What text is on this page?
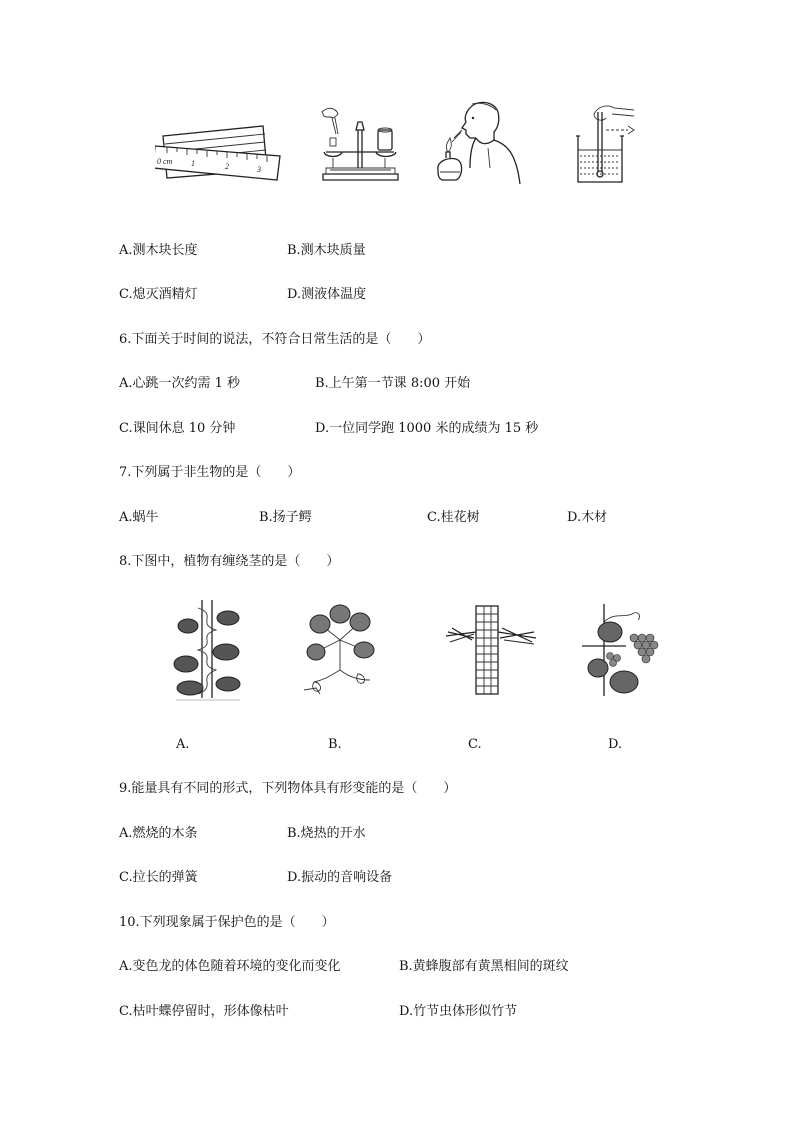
0 cm 1	2	3
A.测木块长度	B.测木块质量
C.熄灭酒精灯	D.测液体温度
6.下面关于时间的说法，不符合日常生活的是（　　）
A.心跳一次约需 1 秒	B.上午第一节课 8:00 开始
C.课间休息 10 分钟	D.一位同学跑 1000 米的成绩为 15 秒
7.下列属于非生物的是（　　）
A.蜗牛	B.扬子鳄	C.桂花树	D.木材
8.下图中，植物有缠绕茎的是（　　）
A.	B.	C.	D.
9.能量具有不同的形式，下列物体具有形变能的是（　　）
A.燃烧的木条	B.烧热的开水
C.拉长的弹簧	D.振动的音响设备
10.下列现象属于保护色的是（　　）
A.变色龙的体色随着环境的变化而变化	B.黄蜂腹部有黄黑相间的斑纹
C.枯叶蝶停留时，形体像枯叶	D.竹节虫体形似竹节
